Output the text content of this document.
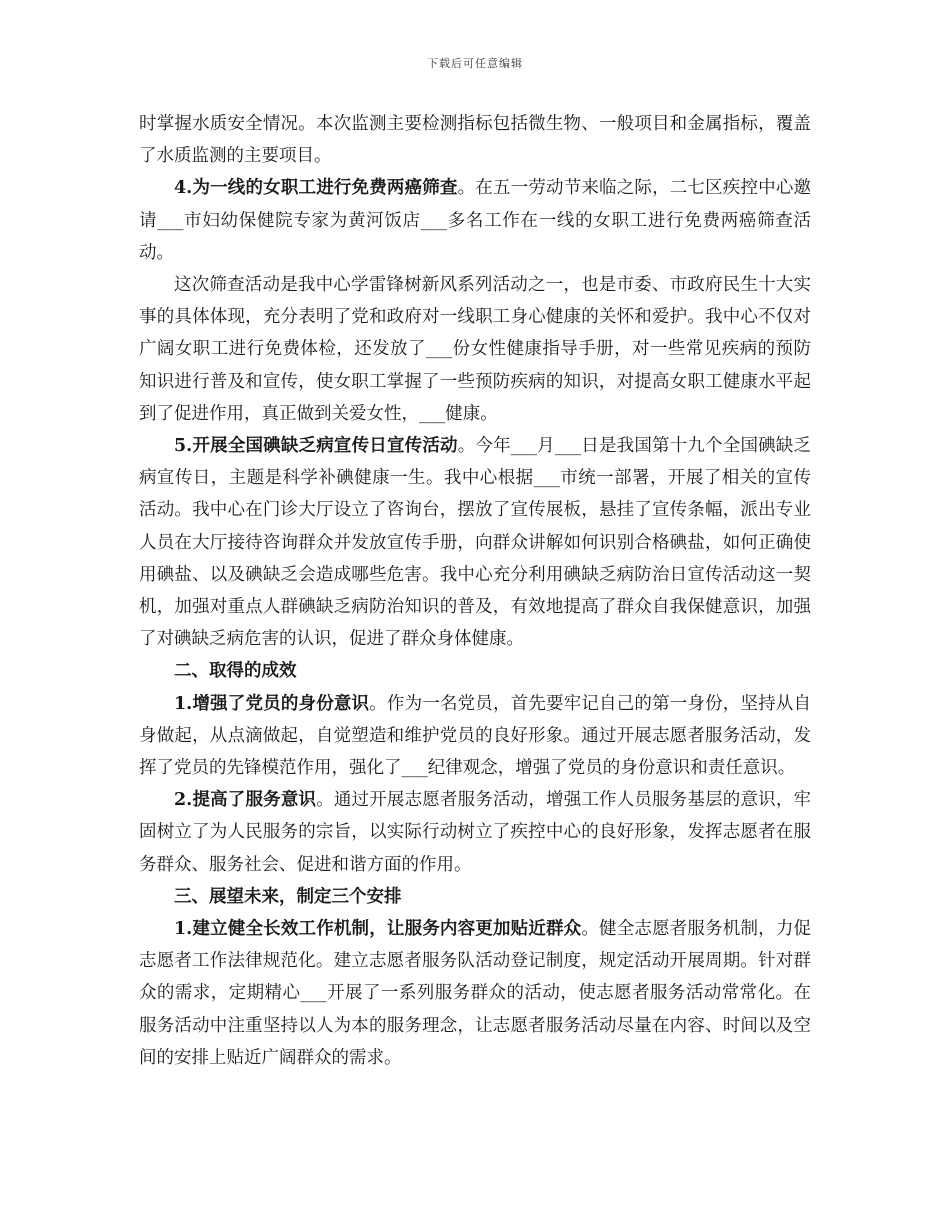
下载后可任意编辑

时掌握水质安全情况。本次监测主要检测指标包括微生物、一般项目和金属指标，覆盖了水质监测的主要项目。

4.为一线的女职工进行免费两癌筛查。在五一劳动节来临之际，二七区疾控中心邀请___市妇幼保健院专家为黄河饭店___多名工作在一线的女职工进行免费两癌筛查活动。

这次筛查活动是我中心学雷锋树新风系列活动之一，也是市委、市政府民生十大实事的具体体现，充分表明了党和政府对一线职工身心健康的关怀和爱护。我中心不仅对广阔女职工进行免费体检，还发放了___份女性健康指导手册，对一些常见疾病的预防知识进行普及和宣传，使女职工掌握了一些预防疾病的知识，对提高女职工健康水平起到了促进作用，真正做到关爱女性，___健康。

5.开展全国碘缺乏病宣传日宣传活动。今年___月___日是我国第十九个全国碘缺乏病宣传日，主题是科学补碘健康一生。我中心根据___市统一部署，开展了相关的宣传活动。我中心在门诊大厅设立了咨询台，摆放了宣传展板，悬挂了宣传条幅，派出专业人员在大厅接待咨询群众并发放宣传手册，向群众讲解如何识别合格碘盐，如何正确使用碘盐、以及碘缺乏会造成哪些危害。我中心充分利用碘缺乏病防治日宣传活动这一契机，加强对重点人群碘缺乏病防治知识的普及，有效地提高了群众自我保健意识，加强了对碘缺乏病危害的认识，促进了群众身体健康。

二、取得的成效

1.增强了党员的身份意识。作为一名党员，首先要牢记自己的第一身份，坚持从自身做起，从点滴做起，自觉塑造和维护党员的良好形象。通过开展志愿者服务活动，发挥了党员的先锋模范作用，强化了___纪律观念，增强了党员的身份意识和责任意识。

2.提高了服务意识。通过开展志愿者服务活动，增强工作人员服务基层的意识，牢固树立了为人民服务的宗旨，以实际行动树立了疾控中心的良好形象，发挥志愿者在服务群众、服务社会、促进和谐方面的作用。

三、展望未来，制定三个安排

1.建立健全长效工作机制，让服务内容更加贴近群众。健全志愿者服务机制，力促志愿者工作法律规范化。建立志愿者服务队活动登记制度，规定活动开展周期。针对群众的需求，定期精心___开展了一系列服务群众的活动，使志愿者服务活动常常化。在服务活动中注重坚持以人为本的服务理念，让志愿者服务活动尽量在内容、时间以及空间的安排上贴近广阔群众的需求。
